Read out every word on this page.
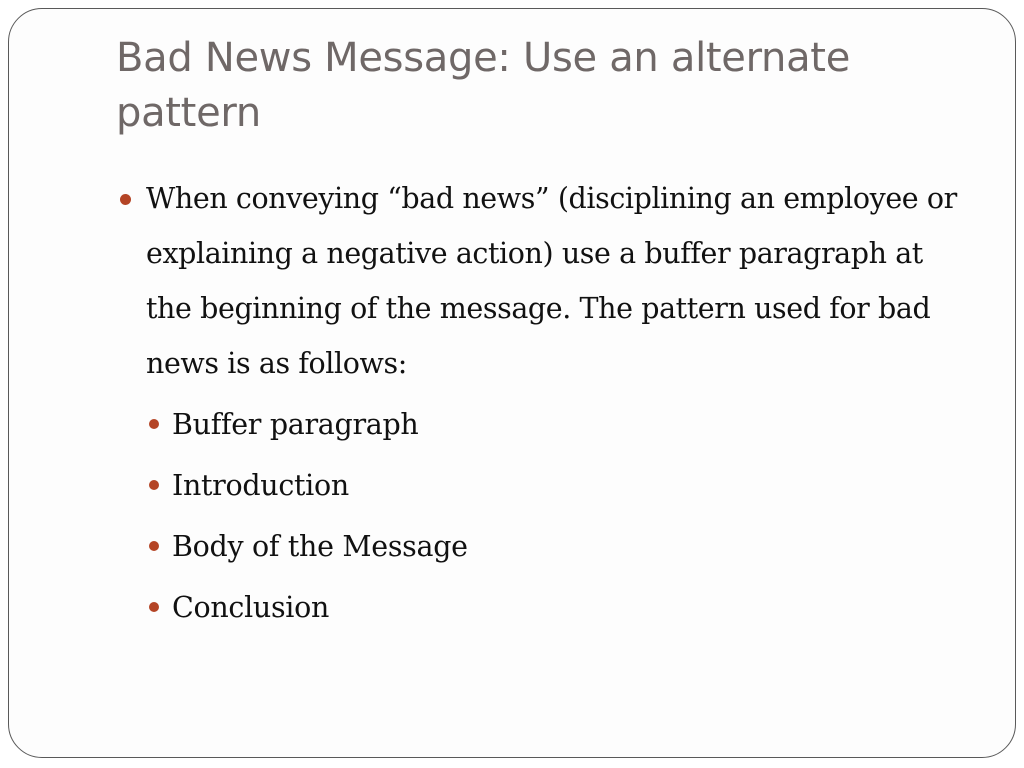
Bad News Message: Use an alternate pattern
When conveying “bad news” (disciplining an employee or explaining a negative action) use a buffer paragraph at the beginning of the message. The pattern used for bad news is as follows:
Buffer paragraph
Introduction
Body of the Message
Conclusion
